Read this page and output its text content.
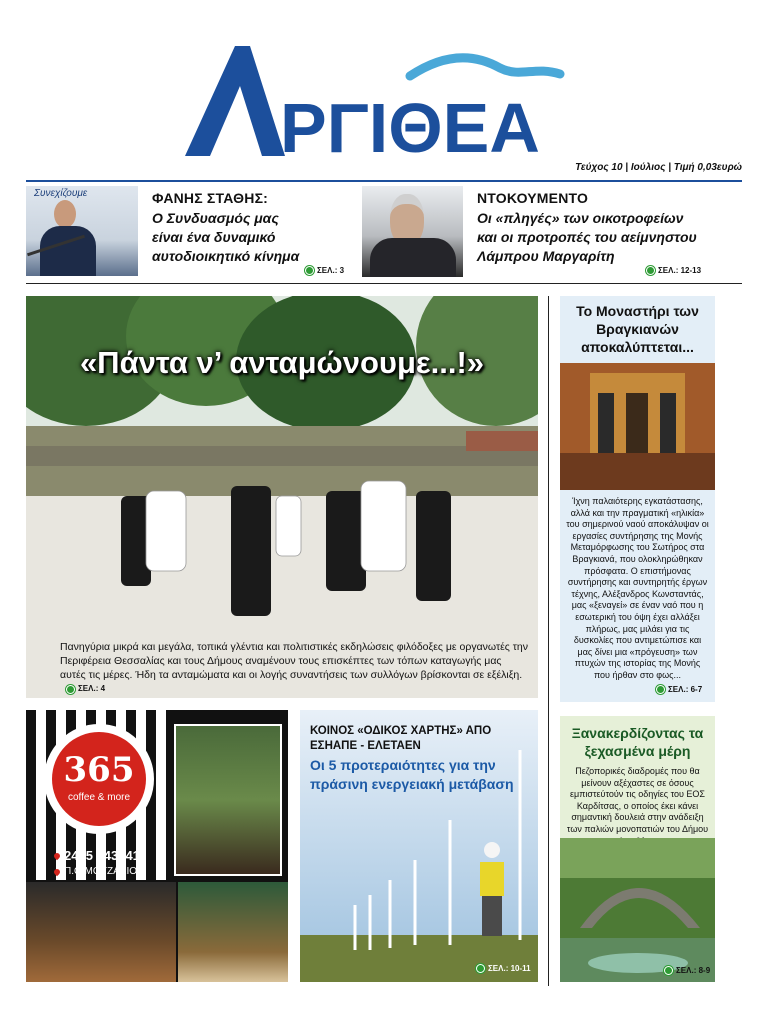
ΡΓΙΘΕΑ
Τεύχος 10 | Ιούλιος | Τιμή 0,03ευρώ
Συνεχίζουμε	ΦΑΝΗΣ ΣΤΑΘΗΣ:
Ο Συνδυασμός μας είναι ένα δυναμικό αυτοδιοικητικό κίνημα
ΣΕΛ.: 3
ΝΤΟΚΟΥΜΕΝΤΟ
Οι «πληγές» των οικοτροφείων και οι προτροπές του αείμνηστου Λάμπρου Μαργαρίτη
ΣΕΛ.: 12-13
«Πάντα ν’ ανταμώνουμε...!»
Πανηγύρια μικρά και μεγάλα, τοπικά γλέντια και πολιτιστικές εκδηλώσεις φιλόδοξες με οργανωτές την Περιφέρεια Θεσσαλίας και τους Δήμους αναμένουν τους επισκέπτες των τόπων καταγωγής μας αυτές τις μέρες. Ήδη τα ανταμώματα και οι λογής συναντήσεις των συλλόγων βρίσκονται σε εξέλιξη.
ΣΕΛ.: 4
Το Μοναστήρι των Βραγκιανών αποκαλύπτεται...
Ίχνη παλαιότερης εγκατάστασης, αλλά και την πραγματική «ηλικία» του σημερινού ναού αποκάλυψαν οι εργασίες συντήρησης της Μονής Μεταμόρφωσης του Σωτήρος στα Βραγκιανά, που ολοκληρώθηκαν πρόσφατα. Ο επιστήμονας συντήρησης και συντηρητής έργων τέχνης, Αλέξανδρος Κωνσταντάς, μας «ξεναγεί» σε έναν ναό που η εσωτερική του όψη έχει αλλάξει πλήρως, μας μιλάει για τις δυσκολίες που αντιμετώπισε και μας δίνει μια «πρόγευση» των πτυχών της ιστορίας της Μονής που ήρθαν στο φως...
ΣΕΛ.: 6-7
Ξανακερδίζοντας τα ξεχασμένα μέρη
Πεζοπορικές διαδρομές που θα μείνουν αξέχαστες σε όσους εμπιστεύτούν τις οδηγίες του ΕΟΣ Καρδίτσας, ο οποίος έκει κάνει σημαντική δουλειά στην ανάδειξη των παλιών μονοπατιών του Δήμου
ΣΕΛ.: 8-9
365
coffee & more
2445 043241
Π.Ο ΜΟΥΖΑΚΙΟΥ
ΚΟΙΝΟΣ «ΟΔΙΚΟΣ ΧΑΡΤΗΣ» ΑΠΟ ΕΣΗΑΠΕ - ΕΛΕΤΑΕΝ
Οι 5 προτεραιότητες για την πράσινη ενεργειακή μετάβαση
ΣΕΛ.: 10-11
